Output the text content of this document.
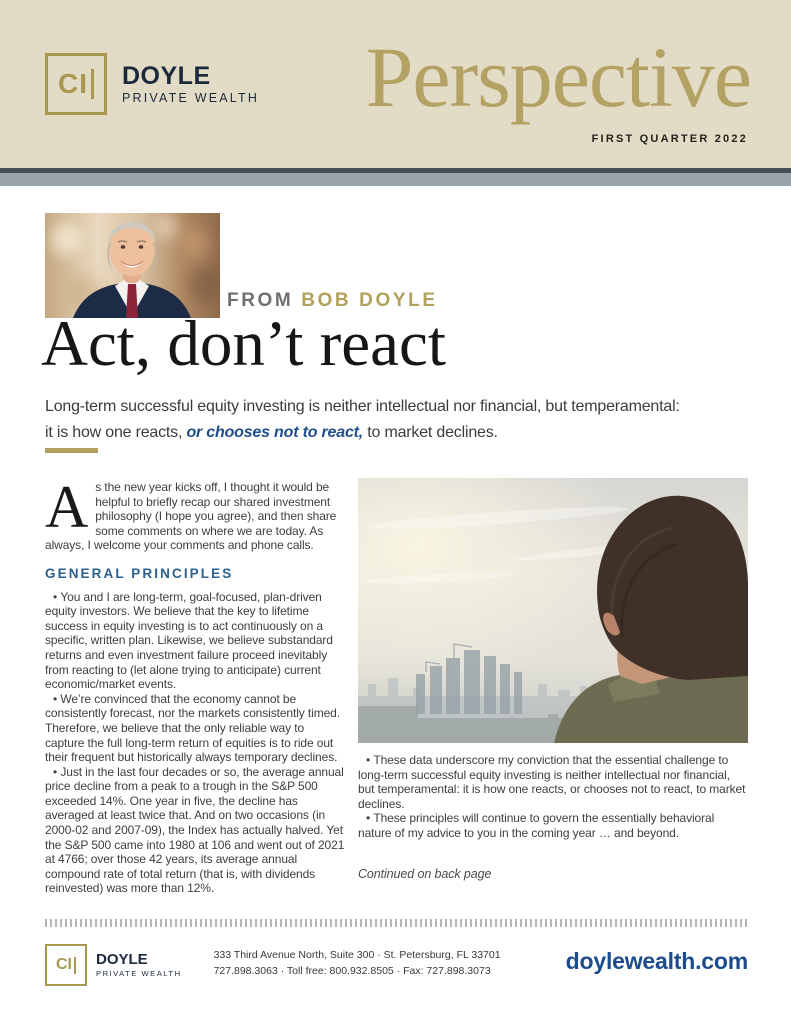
CI DOYLE
PRIVATE WEALTH Perspective
FIRST QUARTER 2022
FROM BOB DOYLE
Act, don’t react
Long-term successful equity investing is neither intellectual nor financial, but temperamental:
it is how one reacts, or chooses not to react, to market declines.

As the new year kicks off, I thought it would be helpful to briefly recap our shared investment philosophy (I hope you agree), and then share some comments on where we are today. As always, I welcome your comments and phone calls.

GENERAL PRINCIPLES

• You and I are long-term, goal-focused, plan-driven equity investors. We believe that the key to lifetime success in equity investing is to act continuously on a specific, written plan. Likewise, we believe substandard returns and even investment failure proceed inevitably from reacting to (let alone trying to anticipate) current economic/market events.

• We’re convinced that the economy cannot be consistently forecast, nor the markets consistently timed. Therefore, we believe that the only reliable way to capture the full long-term return of equities is to ride out their frequent but historically always temporary declines.

• Just in the last four decades or so, the average annual price decline from a peak to a trough in the S&P 500 exceeded 14%. One year in five, the decline has averaged at least twice that. And on two occasions (in 2000-02 and 2007-09), the Index has actually halved. Yet the S&P 500 came into 1980 at 106 and went out of 2021 at 4766; over those 42 years, its average annual compound rate of total return (that is, with dividends reinvested) was more than 12%.

• These data underscore my conviction that the essential challenge to long-term successful equity investing is neither intellectual nor financial, but temperamental: it is how one reacts, or chooses not to react, to market declines.

• These principles will continue to govern the essentially behavioral nature of my advice to you in the coming year … and beyond.

Continued on back page

CI DOYLE
PRIVATE WEALTH
333 Third Avenue North, Suite 300 · St. Petersburg, FL 33701
727.898.3063 · Toll free: 800.932.8505 · Fax: 727.898.3073	doylewealth.com
